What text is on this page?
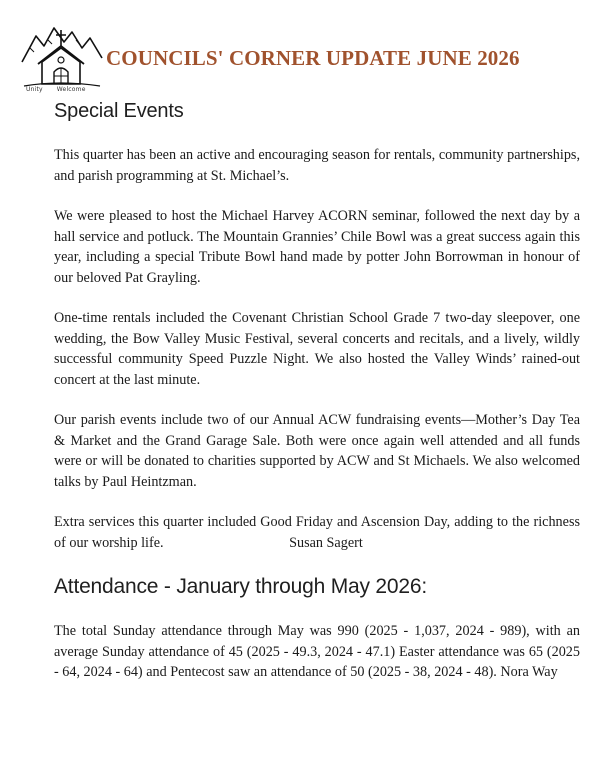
Unity Welcome
COUNCILS' CORNER UPDATE JUNE 2026
Special Events

This quarter has been an active and encouraging season for rentals, community partnerships, and parish programming at St. Michael’s.

We were pleased to host the Michael Harvey ACORN seminar, followed the next day by a hall service and potluck. The Mountain Grannies’ Chile Bowl was a great success again this year, including a special Tribute Bowl hand made by potter John Borrowman in honour of our beloved Pat Grayling.

One-time rentals included the Covenant Christian School Grade 7 two-day sleepover, one wedding, the Bow Valley Music Festival, several concerts and recitals, and a lively, wildly successful community Speed Puzzle Night. We also hosted the Valley Winds’ rained-out concert at the last minute.

Our parish events include two of our Annual ACW fundraising events—Mother’s Day Tea & Market and the Grand Garage Sale. Both were once again well attended and all funds were or will be donated to charities supported by ACW and St Michaels. We also welcomed talks by Paul Heintzman.

Extra services this quarter included Good Friday and Ascension Day, adding to the richness of our worship life.	Susan Sagert

Attendance - January through May 2026:

The total Sunday attendance through May was 990 (2025 - 1,037, 2024 - 989), with an average Sunday attendance of 45 (2025 - 49.3, 2024 - 47.1) Easter attendance was 65 (2025 - 64, 2024 - 64) and Pentecost saw an attendance of 50 (2025 - 38, 2024 - 48). Nora Way
